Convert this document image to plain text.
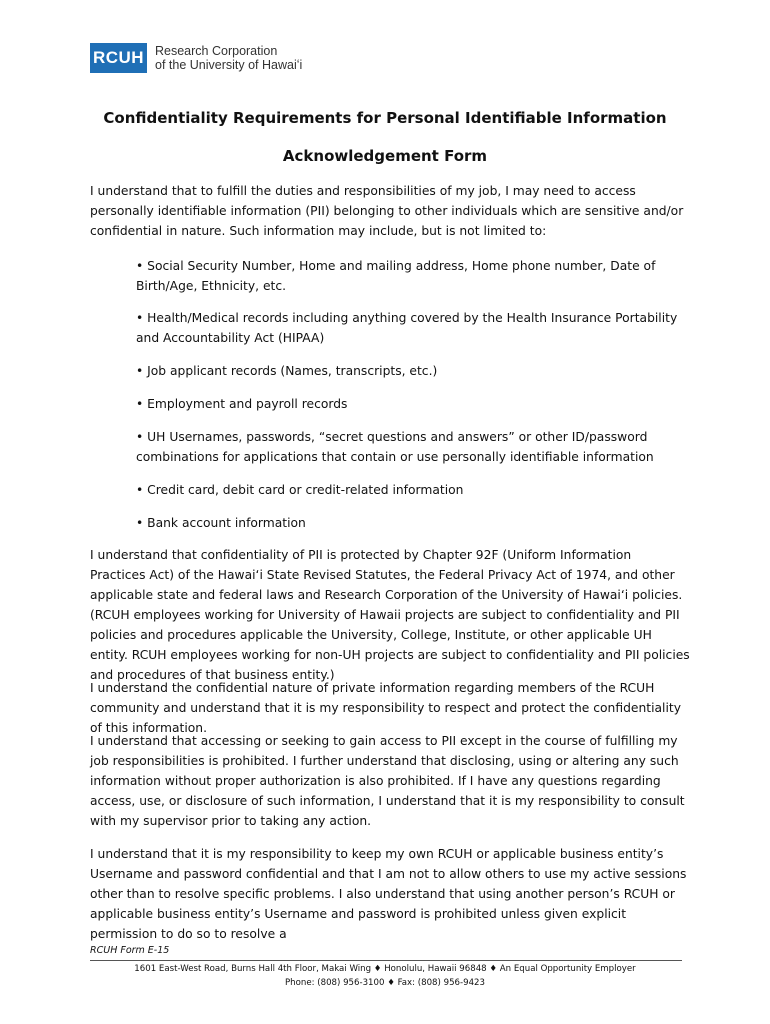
RCUH Research Corporation
of the University of Hawaiʻi
Confidentiality Requirements for Personal Identifiable Information
Acknowledgement Form
I understand that to fulfill the duties and responsibilities of my job, I may need to access personally identifiable information (PII) belonging to other individuals which are sensitive and/or confidential in nature. Such information may include, but is not limited to:
• Social Security Number, Home and mailing address, Home phone number, Date of Birth/Age, Ethnicity, etc.
• Health/Medical records including anything covered by the Health Insurance Portability and Accountability Act (HIPAA)
• Job applicant records (Names, transcripts, etc.)
• Employment and payroll records
• UH Usernames, passwords, “secret questions and answers” or other ID/password combinations for applications that contain or use personally identifiable information
• Credit card, debit card or credit-related information
• Bank account information
I understand that confidentiality of PII is protected by Chapter 92F (Uniform Information Practices Act) of the Hawaiʻi State Revised Statutes, the Federal Privacy Act of 1974, and other applicable state and federal laws and Research Corporation of the University of Hawaiʻi policies. (RCUH employees working for University of Hawaii projects are subject to confidentiality and PII policies and procedures applicable the University, College, Institute, or other applicable UH entity. RCUH employees working for non-UH projects are subject to confidentiality and PII policies and procedures of that business entity.)
I understand the confidential nature of private information regarding members of the RCUH community and understand that it is my responsibility to respect and protect the confidentiality of this information.
I understand that accessing or seeking to gain access to PII except in the course of fulfilling my job responsibilities is prohibited. I further understand that disclosing, using or altering any such information without proper authorization is also prohibited. If I have any questions regarding access, use, or disclosure of such information, I understand that it is my responsibility to consult with my supervisor prior to taking any action.
I understand that it is my responsibility to keep my own RCUH or applicable business entity’s Username and password confidential and that I am not to allow others to use my active sessions other than to resolve specific problems. I also understand that using another person’s RCUH or applicable business entity’s Username and password is prohibited unless given explicit permission to do so to resolve a
RCUH Form E-15
1601 East-West Road, Burns Hall 4th Floor, Makai Wing ♦ Honolulu, Hawaii 96848 ♦ An Equal Opportunity Employer
Phone: (808) 956-3100 ♦ Fax: (808) 956-9423
